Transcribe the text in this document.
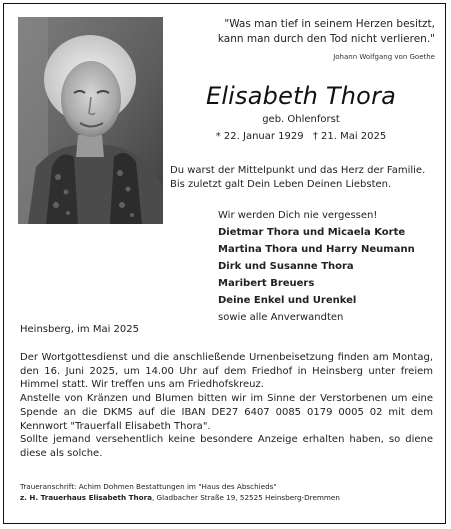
"Was man tief in seinem Herzen besitzt,
kann man durch den Tod nicht verlieren."
Johann Wolfgang von Goethe
Elisabeth Thora
geb. Ohlenforst
* 22. Januar 1929 † 21. Mai 2025
Du warst der Mittelpunkt und das Herz der Familie.
Bis zuletzt galt Dein Leben Deinen Liebsten.
Wir werden Dich nie vergessen!
Dietmar Thora und Micaela Korte
Martina Thora und Harry Neumann
Dirk und Susanne Thora
Maribert Breuers
Deine Enkel und Urenkel
sowie alle Anverwandten
Heinsberg, im Mai 2025

Der Wortgottesdienst und die anschließende Urnenbeisetzung finden am Montag, den 16. Juni 2025, um 14.00 Uhr auf dem Friedhof in Heinsberg unter freiem Himmel statt. Wir treffen uns am Friedhofskreuz.

Anstelle von Kränzen und Blumen bitten wir im Sinne der Verstorbenen um eine Spende an die DKMS auf die IBAN DE27 6407 0085 0179 0005 02 mit dem Kennwort "Trauerfall Elisabeth Thora".

Sollte jemand versehentlich keine besondere Anzeige erhalten haben, so diene diese als solche.

Traueranschrift: Achim Dohmen Bestattungen im "Haus des Abschieds"
z. H. Trauerhaus Elisabeth Thora, Gladbacher Straße 19, 52525 Heinsberg-Dremmen
